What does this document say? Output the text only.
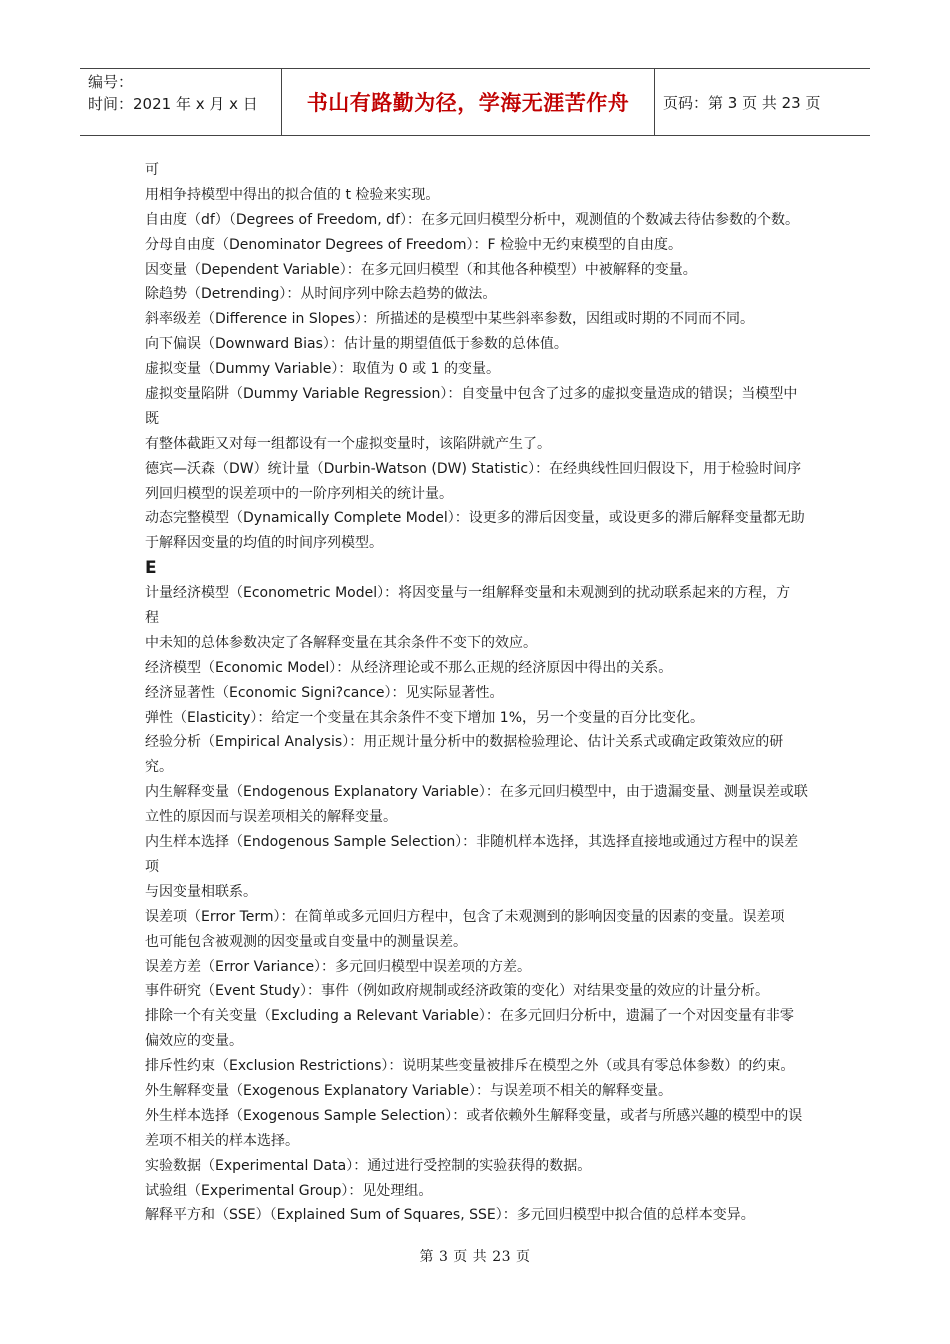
编号：
时间：2021 年 x 月 x 日	书山有路勤为径，学海无涯苦作舟 页码：第 3 页 共 23 页
可
用相争持模型中得出的拟合值的 t 检验来实现。
自由度（df）（Degrees of Freedom, df）：在多元回归模型分析中，观测值的个数减去待估参数的个数。
分母自由度（Denominator Degrees of Freedom）：F 检验中无约束模型的自由度。
因变量（Dependent Variable）：在多元回归模型（和其他各种模型）中被解释的变量。
除趋势（Detrending）：从时间序列中除去趋势的做法。
斜率级差（Difference in Slopes）：所描述的是模型中某些斜率参数，因组或时期的不同而不同。
向下偏误（Downward Bias）：估计量的期望值低于参数的总体值。
虚拟变量（Dummy Variable）：取值为 0 或 1 的变量。
虚拟变量陷阱（Dummy Variable Regression）：自变量中包含了过多的虚拟变量造成的错误；当模型中
既
有整体截距又对每一组都设有一个虚拟变量时，该陷阱就产生了。
德宾—沃森（DW）统计量（Durbin-Watson (DW) Statistic）：在经典线性回归假设下，用于检验时间序
列回归模型的误差项中的一阶序列相关的统计量。
动态完整模型（Dynamically Complete Model）：设更多的滞后因变量，或设更多的滞后解释变量都无助
于解释因变量的均值的时间序列模型。
E
计量经济模型（Econometric Model）：将因变量与一组解释变量和未观测到的扰动联系起来的方程，方
程
中未知的总体参数决定了各解释变量在其余条件不变下的效应。
经济模型（Economic Model）：从经济理论或不那么正规的经济原因中得出的关系。
经济显著性（Economic Signi?cance）：见实际显著性。
弹性（Elasticity）：给定一个变量在其余条件不变下增加 1%，另一个变量的百分比变化。
经验分析（Empirical Analysis）：用正规计量分析中的数据检验理论、估计关系式或确定政策效应的研
究。
内生解释变量（Endogenous Explanatory Variable）：在多元回归模型中，由于遗漏变量、测量误差或联
立性的原因而与误差项相关的解释变量。
内生样本选择（Endogenous Sample Selection）：非随机样本选择，其选择直接地或通过方程中的误差
项
与因变量相联系。
误差项（Error Term）：在简单或多元回归方程中，包含了未观测到的影响因变量的因素的变量。误差项
也可能包含被观测的因变量或自变量中的测量误差。
误差方差（Error Variance）：多元回归模型中误差项的方差。
事件研究（Event Study）：事件（例如政府规制或经济政策的变化）对结果变量的效应的计量分析。
排除一个有关变量（Excluding a Relevant Variable）：在多元回归分析中，遗漏了一个对因变量有非零
偏效应的变量。
排斥性约束（Exclusion Restrictions）：说明某些变量被排斥在模型之外（或具有零总体参数）的约束。
外生解释变量（Exogenous Explanatory Variable）：与误差项不相关的解释变量。
外生样本选择（Exogenous Sample Selection）：或者依赖外生解释变量，或者与所感兴趣的模型中的误
差项不相关的样本选择。
实验数据（Experimental Data）：通过进行受控制的实验获得的数据。
试验组（Experimental Group）：见处理组。
解释平方和（SSE）（Explained Sum of Squares, SSE）：多元回归模型中拟合值的总样本变异。
第 3 页 共 23 页
